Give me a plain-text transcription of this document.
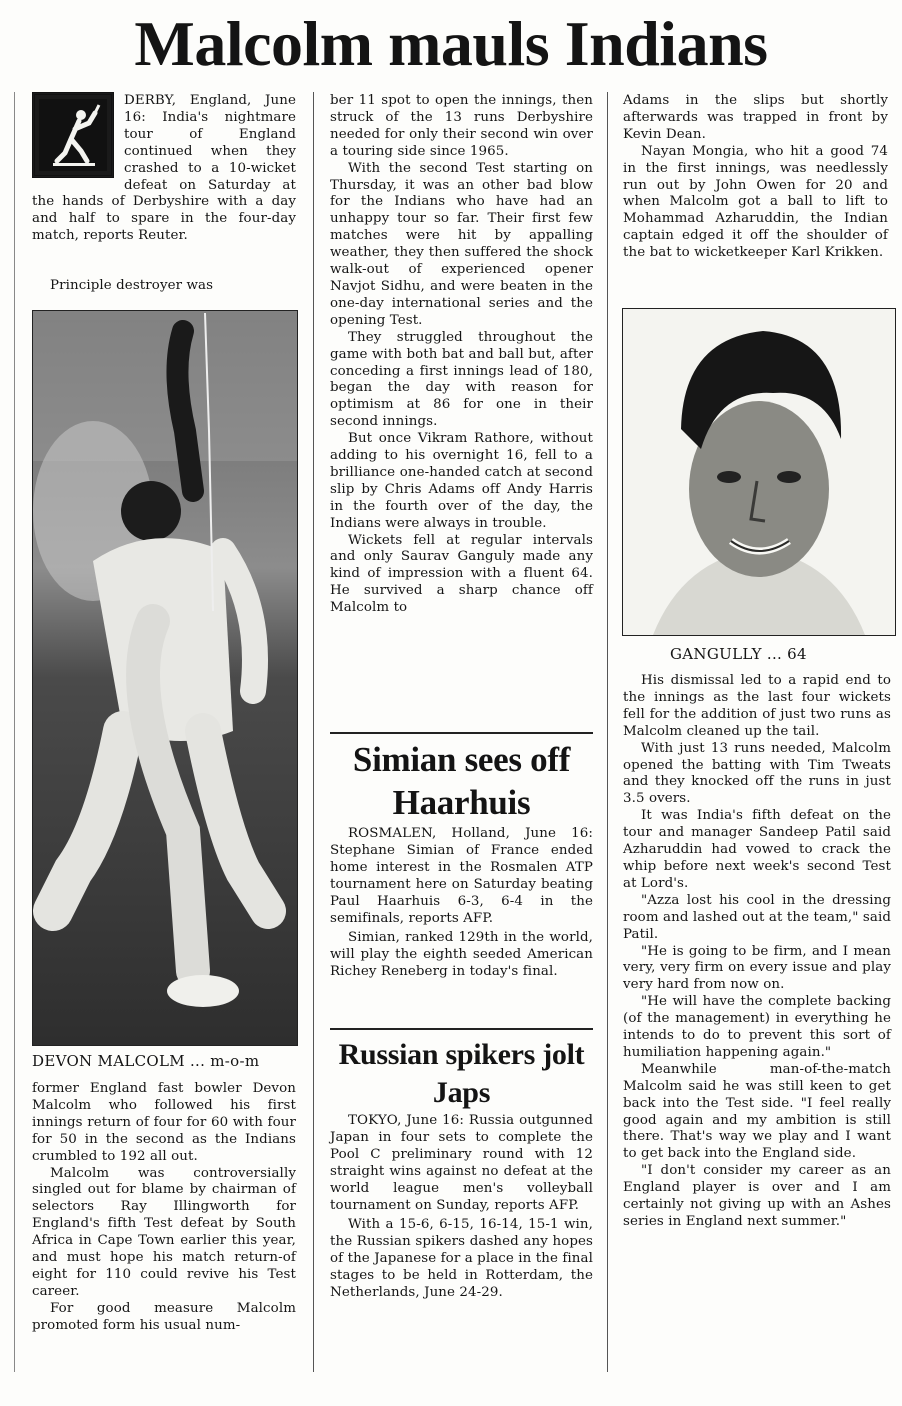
Malcolm mauls Indians

DERBY, England, June 16: India's nightmare tour of England continued when they crashed to a 10-wicket defeat on Saturday at the hands of Derbyshire with a day and half to spare in the four-day match, reports Reuter.

Principle destroyer was

DEVON MALCOLM ... m-o-m

former England fast bowler Devon Malcolm who followed his first innings return of four for 60 with four for 50 in the second as the Indians crumbled to 192 all out.

Malcolm was controversially singled out for blame by chairman of selectors Ray Illingworth for England's fifth Test defeat by South Africa in Cape Town earlier this year, and must hope his match return-of eight for 110 could revive his Test career.

For good measure Malcolm promoted form his usual num-

ber 11 spot to open the innings, then struck of the 13 runs Derbyshire needed for only their second win over a touring side since 1965.

With the second Test starting on Thursday, it was an other bad blow for the Indians who have had an unhappy tour so far. Their first few matches were hit by appalling weather, they then suffered the shock walk-out of experienced opener Navjot Sidhu, and were beaten in the one-day international series and the opening Test.

They struggled throughout the game with both bat and ball but, after conceding a first innings lead of 180, began the day with reason for optimism at 86 for one in their second innings.

But once Vikram Rathore, without adding to his overnight 16, fell to a brilliance one-handed catch at second slip by Chris Adams off Andy Harris in the fourth over of the day, the Indians were always in trouble.

Wickets fell at regular intervals and only Saurav Ganguly made any kind of impression with a fluent 64. He survived a sharp chance off Malcolm to

Simian sees off Haarhuis

ROSMALEN, Holland, June 16: Stephane Simian of France ended home interest in the Rosmalen ATP tournament here on Saturday beating Paul Haarhuis 6-3, 6-4 in the semifinals, reports AFP.

Simian, ranked 129th in the world, will play the eighth seeded American Richey Reneberg in today's final.

Russian spikers jolt Japs

TOKYO, June 16: Russia outgunned Japan in four sets to complete the Pool C preliminary round with 12 straight wins against no defeat at the world league men's volleyball tournament on Sunday, reports AFP.

With a 15-6, 6-15, 16-14, 15-1 win, the Russian spikers dashed any hopes of the Japanese for a place in the final stages to be held in Rotterdam, the Netherlands, June 24-29.

Adams in the slips but shortly afterwards was trapped in front by Kevin Dean.

Nayan Mongia, who hit a good 74 in the first innings, was needlessly run out by John Owen for 20 and when Malcolm got a ball to lift to Mohammad Azharuddin, the Indian captain edged it off the shoulder of the bat to wicketkeeper Karl Krikken.

GANGULLY ... 64

His dismissal led to a rapid end to the innings as the last four wickets fell for the addition of just two runs as Malcolm cleaned up the tail.

With just 13 runs needed, Malcolm opened the batting with Tim Tweats and they knocked off the runs in just 3.5 overs.

It was India's fifth defeat on the tour and manager Sandeep Patil said Azharuddin had vowed to crack the whip before next week's second Test at Lord's.

"Azza lost his cool in the dressing room and lashed out at the team," said Patil.

"He is going to be firm, and I mean very, very firm on every issue and play very hard from now on.

"He will have the complete backing (of the management) in everything he intends to do to prevent this sort of humiliation happening again."

Meanwhile man-of-the-match Malcolm said he was still keen to get back into the Test side. "I feel really good again and my ambition is still there. That's way we play and I want to get back into the England side.

"I don't consider my career as an England player is over and I am certainly not giving up with an Ashes series in England next summer."
